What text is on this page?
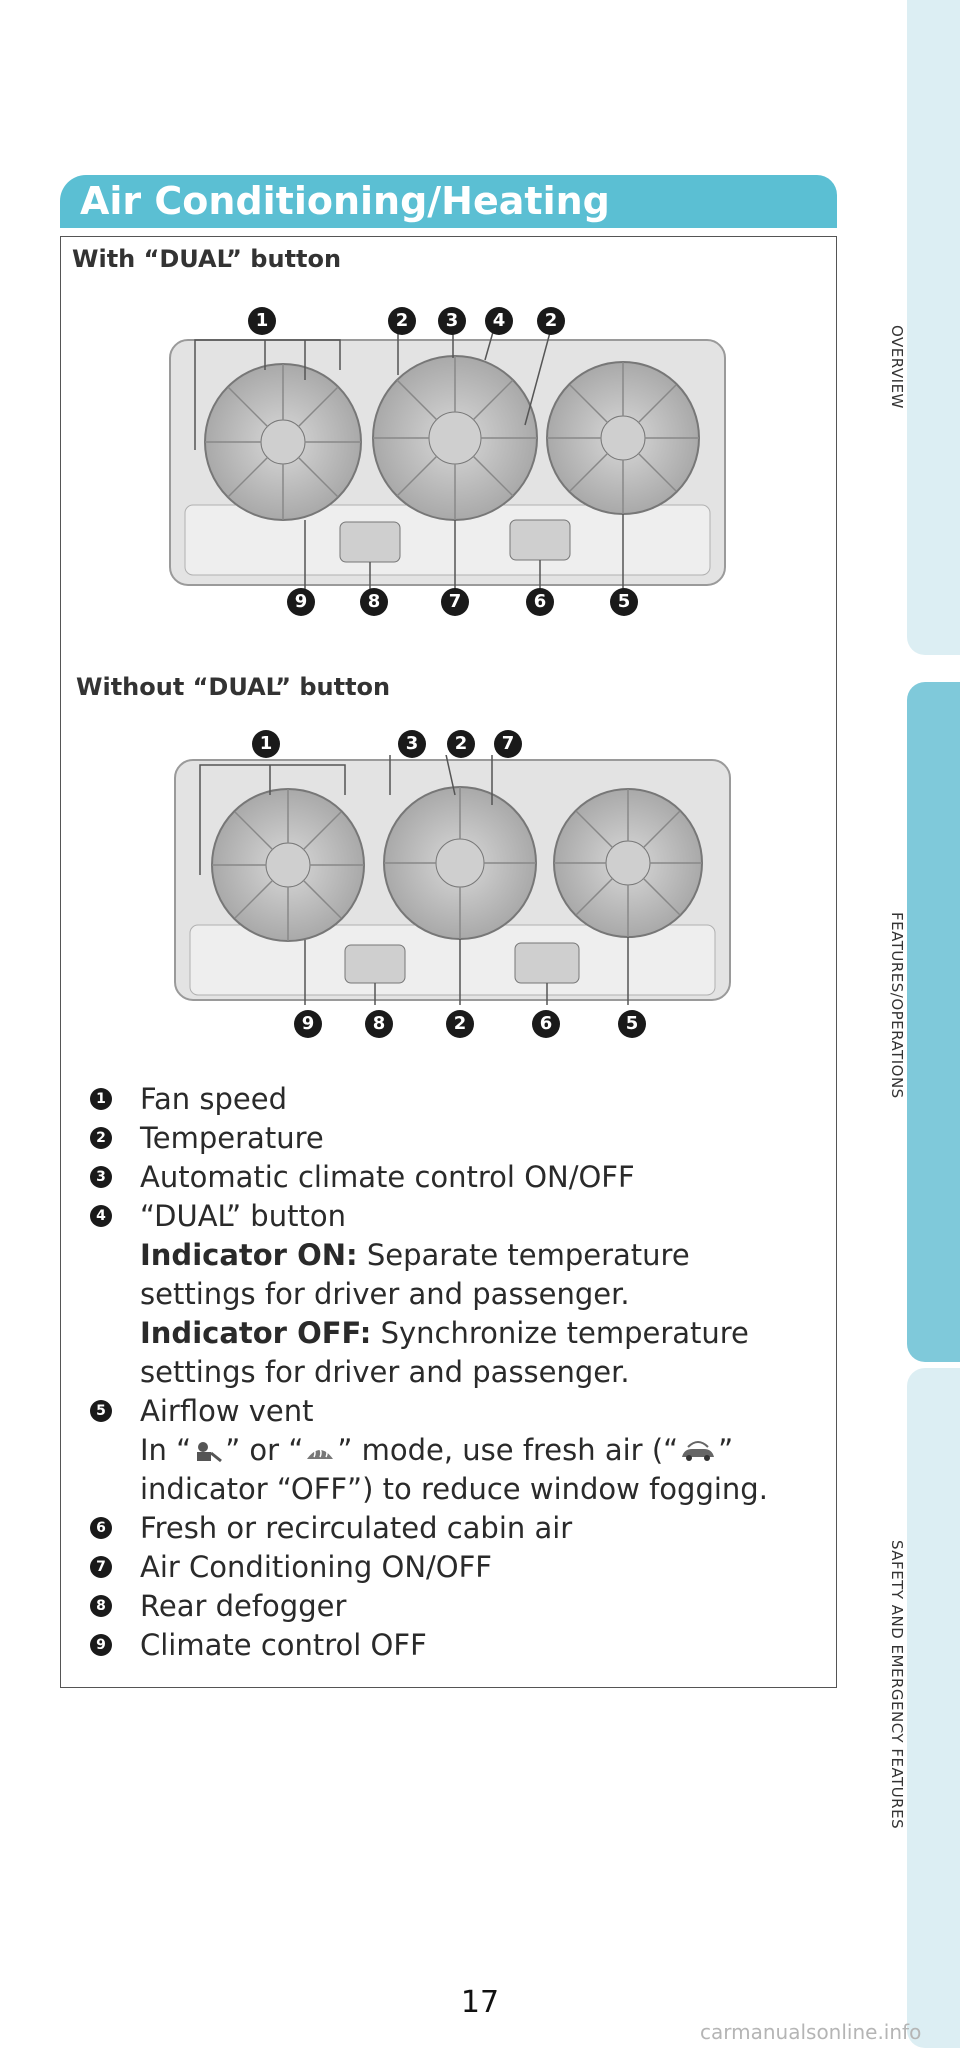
OVERVIEW
FEATURES/OPERATIONS
SAFETY AND EMERGENCY FEATURES
Air Conditioning/Heating
With “DUAL” button
1	2	3	4	2
9	8	7	6	5
Without “DUAL” button
1	3	2	7
9	8	2	6	5
1 Fan speed
2 Temperature
3 Automatic climate control ON/OFF
4 “DUAL” button
Indicator ON: Separate temperature settings for driver and passenger.
Indicator OFF: Synchronize temperature settings for driver and passenger.
5 Airflow vent
In “ ” or “ ” mode, use fresh air (“ ” indicator “OFF”) to reduce window fogging.
6 Fresh or recirculated cabin air
7 Air Conditioning ON/OFF
8 Rear defogger
9 Climate control OFF
17
carmanualsonline.info
